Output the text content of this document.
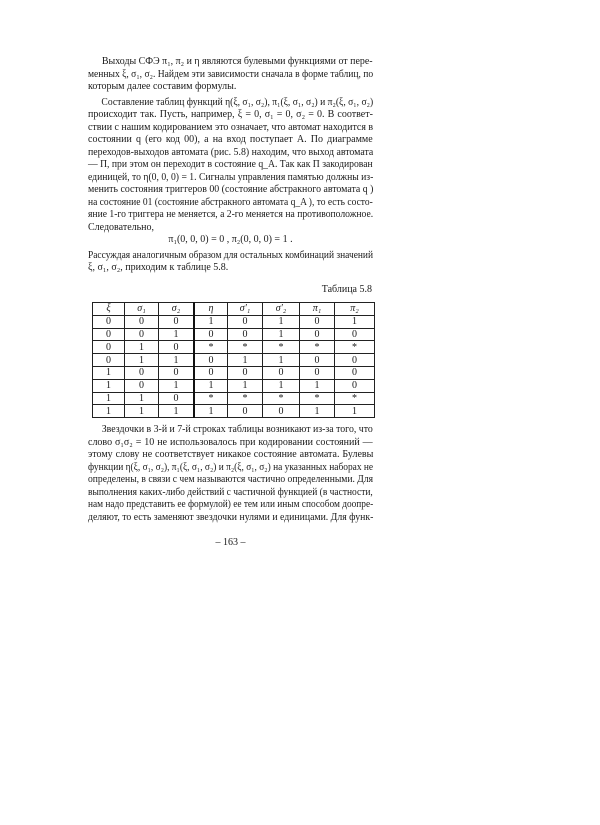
Выходы СФЭ π₁, π₂ и η являются булевыми функциями от пере-
менных ξ, σ₁, σ₂. Найдем эти зависимости сначала в форме таблиц, по
которым далее составим формулы.
Составление таблиц функций η(ξ, σ₁, σ₂), π₁(ξ, σ₁, σ₂) и π₂(ξ, σ₁, σ₂)
происходит так. Пусть, например, ξ = 0, σ₁ = 0, σ₂ = 0. В соответ-
ствии с нашим кодированием это означает, что автомат находится в
состоянии q (его код 00), а на вход поступает A. По диаграмме
переходов-выходов автомата (рис. 5.8) находим, что выход автомата
— П, при этом он переходит в состояние q_A. Так как П закодирован
единицей, то η(0, 0, 0) = 1. Сигналы управления памятью должны из-
менить состояния триггеров 00 (состояние абстракного автомата q )
на состояние 01 (состояние абстракного автомата q_A ), то есть состо-
яние 1-го триггера не меняется, а 2-го меняется на противоположное.
Следовательно,
π₁(0, 0, 0) = 0 , π₂(0, 0, 0) = 1 .
Рассуждая аналогичным образом для остальных комбинаций значений
ξ, σ₁, σ₂, приходим к таблице 5.8.
Таблица 5.8
ξ	σ₁	σ₂	η	σ′₁	σ′₂	π₁	π₂
0	0	0	1	0	1	0	1
0	0	1	0	0	1	0	0
0	1	0	*	*	*	*	*
0	1	1	0	1	1	0	0
1	0	0	0	0	0	0	0
1	0	1	1	1	1	1	0
1	1	0	*	*	*	*	*
1	1	1	1	0	0	1	1
Звездочки в 3-й и 7-й строках таблицы возникают из-за того, что
слово σ₁σ₂ = 10 не использовалось при кодировании состояний —
этому слову не соответствует никакое состояние автомата. Булевы
функции η(ξ, σ₁, σ₂), π₁(ξ, σ₁, σ₂) и π₂(ξ, σ₁, σ₂) на указанных наборах не
определены, в связи с чем называются частично определенными. Для
выполнения каких-либо действий с частичной функцией (в частности,
нам надо представить ее формулой) ее тем или иным способом доопре-
деляют, то есть заменяют звездочки нулями и единицами. Для функ-
– 163 –
